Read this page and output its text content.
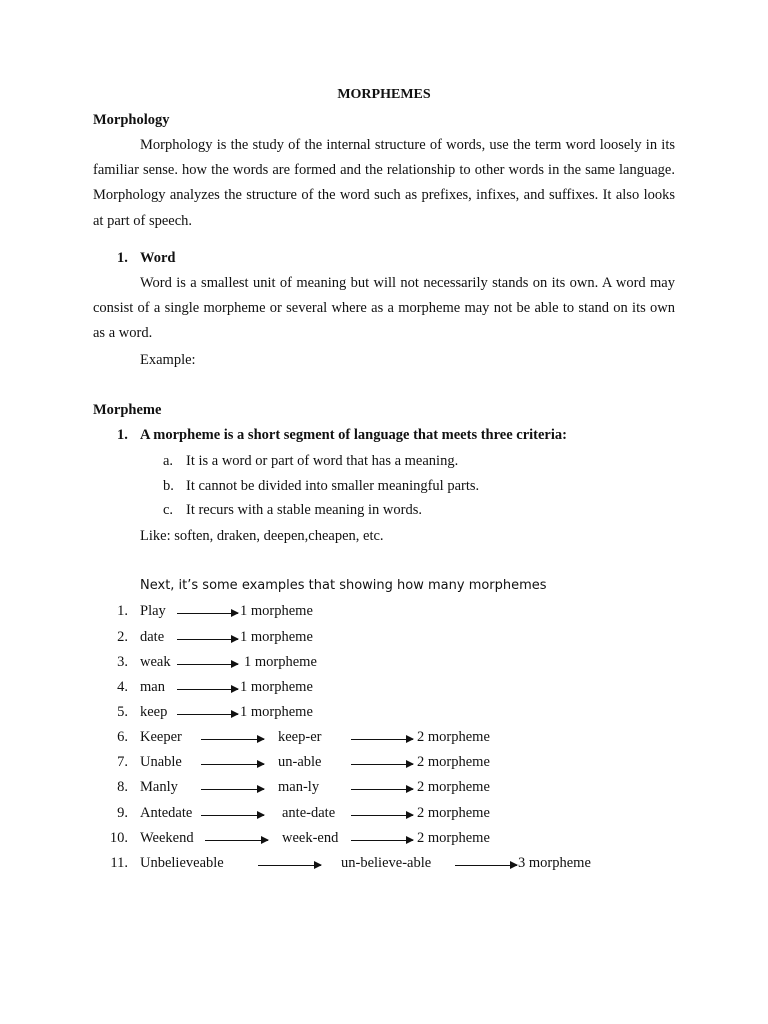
MORPHEMES
Morphology
Morphology is the study of the internal structure of words, use the term word loosely in its familiar sense. how the words are formed and the relationship to other words in the same language. Morphology analyzes the structure of the word such as prefixes, infixes, and suffixes. It also looks at part of speech.
1. Word
Word is a smallest unit of meaning but will not necessarily stands on its own. A word may consist of a single morpheme or several where as a morpheme may not be able to stand on its own as a word.
Example:
Morpheme
1. A morpheme is a short segment of language that meets three criteria:
a. It is a word or part of word that has a meaning.
b. It cannot be divided into smaller meaningful parts.
c. It recurs with a stable meaning in words.
Like: soften, draken, deepen,cheapen, etc.
Next, it’s some examples that showing how many morphemes
1. Play	1 morpheme
2. date	1 morpheme
3. weak	1 morpheme
4. man	1 morpheme
5. keep	1 morpheme
6. Keeper	keep-er	2 morpheme
7. Unable	un-able	2 morpheme
8. Manly	man-ly	2 morpheme
9. Antedate	ante-date	2 morpheme
10. Weekend	week-end	2 morpheme
11. Unbelieveable	un-believe-able	3 morpheme
